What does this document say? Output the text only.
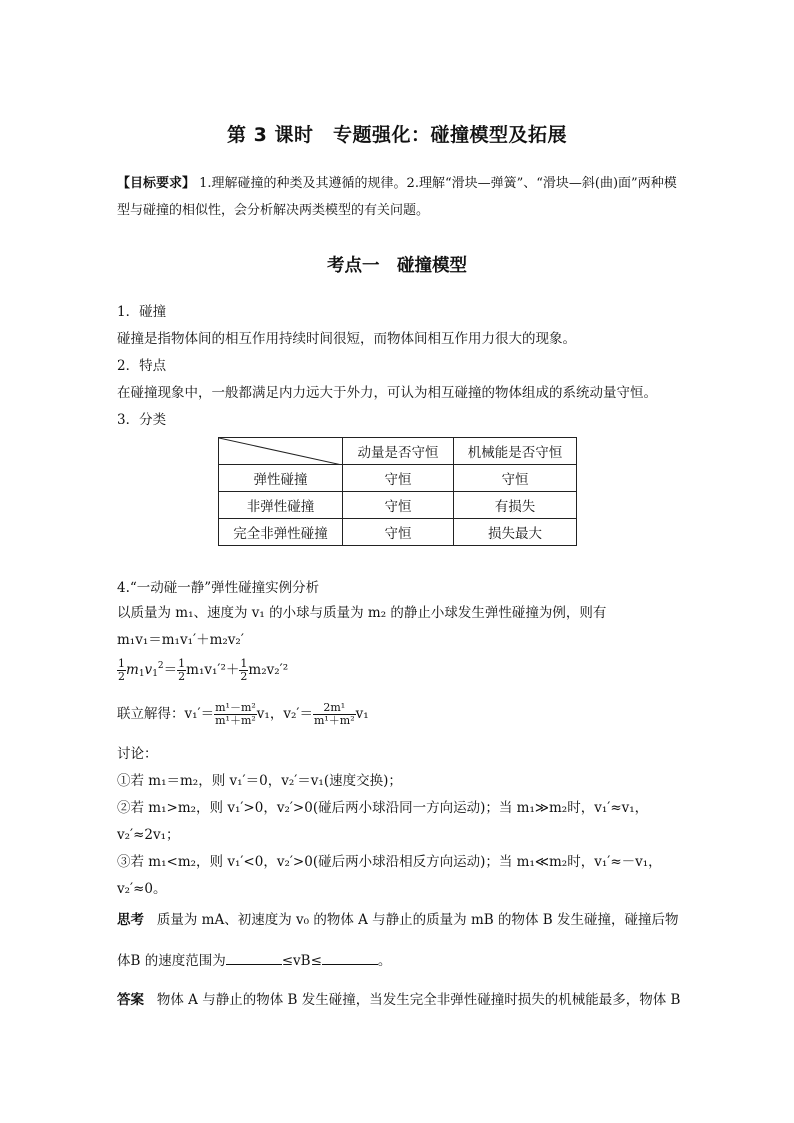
第 3 课时　专题强化：碰撞模型及拓展
【目标要求】 1.理解碰撞的种类及其遵循的规律。2.理解“滑块—弹簧”、“滑块—斜(曲)面”两种模型与碰撞的相似性，会分析解决两类模型的有关问题。
考点一　碰撞模型
1．碰撞
碰撞是指物体间的相互作用持续时间很短，而物体间相互作用力很大的现象。
2．特点
在碰撞现象中，一般都满足内力远大于外力，可认为相互碰撞的物体组成的系统动量守恒。
3．分类
	动量是否守恒	机械能是否守恒
弹性碰撞	守恒	守恒
非弹性碰撞	守恒	有损失
完全非弹性碰撞	守恒	损失最大
4.“一动碰一静”弹性碰撞实例分析
以质量为 m₁、速度为 v₁ 的小球与质量为 m₂ 的静止小球发生弹性碰撞为例，则有
m₁v₁＝m₁v₁′＋m₂v₂′
$\frac{1}{2} m_1v_1^2= \frac{1}{2} m_1v_1'^2+ \frac{1}{2} m_2v_2'^2$
联立解得：$v_1'= \frac{\text{m¹－m²}}{\text{m¹＋m²}} v_1$，$v_2'= \frac{\text{2m¹}}{\text{m¹＋m²}} v_1$
讨论：
①若 m₁＝m₂，则 v₁′＝0，v₂′＝v₁(速度交换)；
②若 m₁>m₂，则 v₁′>0，v₂′>0(碰后两小球沿同一方向运动)；当 m₁≫m₂时，v₁′≈v₁，
v₂′≈2v₁；
③若 m₁<m₂，则 v₁′<0，v₂′>0(碰后两小球沿相反方向运动)；当 m₁≪m₂时，v₁′≈－v₁，
v₂′≈0。
思考 质量为 mA、初速度为 v₀ 的物体 A 与静止的质量为 mB 的物体 B 发生碰撞，碰撞后物
体B 的速度范围为	≤vB≤	。
答案 物体 A 与静止的物体 B 发生碰撞，当发生完全非弹性碰撞时损失的机械能最多，物体 B
